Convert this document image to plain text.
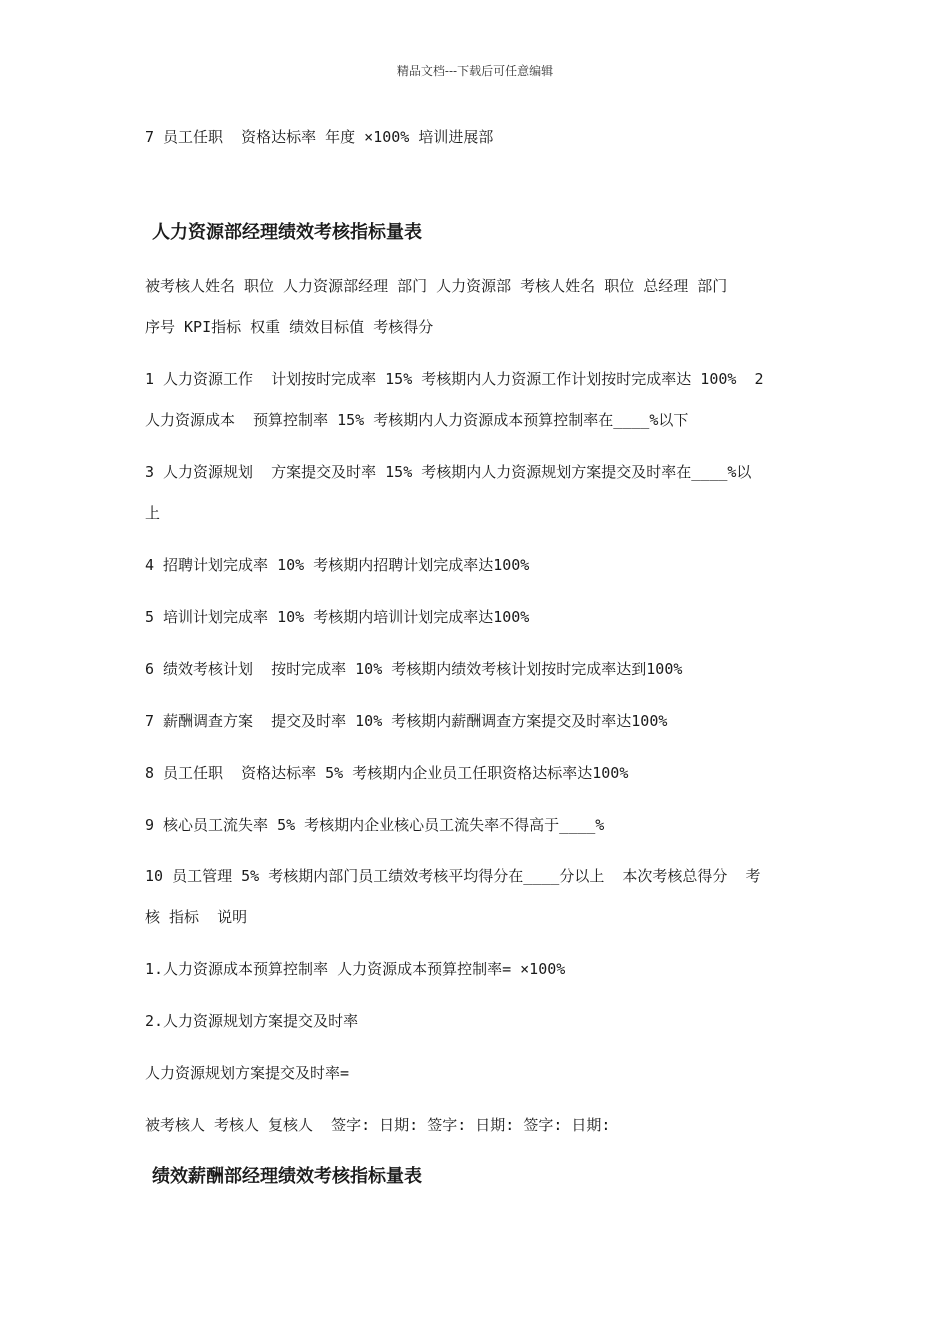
精品文档---下载后可任意编辑
7 员工任职  资格达标率 年度 ×100% 培训进展部
人力资源部经理绩效考核指标量表
被考核人姓名 职位 人力资源部经理 部门 人力资源部 考核人姓名 职位 总经理 部门
序号 KPI指标 权重 绩效目标值 考核得分
1 人力资源工作  计划按时完成率 15% 考核期内人力资源工作计划按时完成率达 100%  2
人力资源成本  预算控制率 15% 考核期内人力资源成本预算控制率在____%以下
3 人力资源规划  方案提交及时率 15% 考核期内人力资源规划方案提交及时率在____%以
上
4 招聘计划完成率 10% 考核期内招聘计划完成率达100%
5 培训计划完成率 10% 考核期内培训计划完成率达100%
6 绩效考核计划  按时完成率 10% 考核期内绩效考核计划按时完成率达到100%
7 薪酬调查方案  提交及时率 10% 考核期内薪酬调查方案提交及时率达100%
8 员工任职  资格达标率 5% 考核期内企业员工任职资格达标率达100%
9 核心员工流失率 5% 考核期内企业核心员工流失率不得高于____%
10 员工管理 5% 考核期内部门员工绩效考核平均得分在____分以上  本次考核总得分  考
核 指标  说明
1.人力资源成本预算控制率 人力资源成本预算控制率= ×100%
2.人力资源规划方案提交及时率
人力资源规划方案提交及时率=
被考核人 考核人 复核人  签字: 日期: 签字: 日期: 签字: 日期:
绩效薪酬部经理绩效考核指标量表
